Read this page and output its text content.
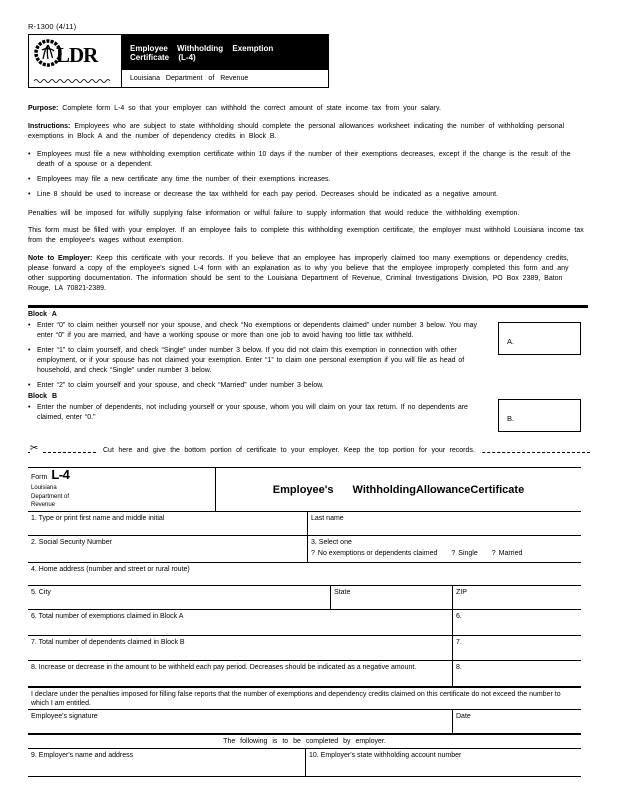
R-1300 (4/11)
LDR	Employee Withholding Exemption Certificate (L-4)
Louisiana Department of Revenue
Purpose: Complete form L-4 so that your employer can withhold the correct amount of state income tax from your salary.
Instructions: Employees who are subject to state withholding should complete the personal allowances worksheet indicating the number of withholding personal exemptions in Block A and the number of dependency credits in Block B.
• Employees must file a new withholding exemption certificate within 10 days if the number of their exemptions decreases, except if the change is the result of the death of a spouse or a dependent.
• Employees may file a new certificate any time the number of their exemptions increases.
• Line 8 should be used to increase or decrease the tax withheld for each pay period. Decreases should be indicated as a negative amount.
Penalties will be imposed for wilfully supplying false information or wilful failure to supply information that would reduce the withholding exemption.
This form must be filled with your employer. If an employee fails to complete this withholding exemption certificate, the employer must withhold Louisiana income tax from the employee's wages without exemption.
Note to Employer: Keep this certificate with your records. If you believe that an employee has improperly claimed too many exemptions or dependency credits, please forward a copy of the employee's signed L-4 form with an explanation as to why you believe that the employee improperly completed this form and any other supporting documentation. The information should be sent to the Louisiana Department of Revenue, Criminal Investigations Division, PO Box 2389, Baton Rouge, LA 70821-2389.
Block A
• Enter “0” to claim neither yourself nor your spouse, and check “No exemptions or dependents claimed” under number 3 below. You may enter “0” if you are married, and have a working spouse or more than one job to avoid having too little tax withheld.
• Enter “1” to claim yourself, and check “Single” under number 3 below. If you did not claim this exemption in connection with other employment, or if your spouse has not claimed your exemption. Enter “1” to claim one personal exemption if you will file as head of household, and check “Single” under number 3 below.
• Enter “2” to claim yourself and your spouse, and check “Married” under number 3 below.
Block B
• Enter the number of dependents, not including yourself or your spouse, whom you will claim on your tax return. If no dependents are claimed, enter “0.”
A.
B.
✂	Cut here and give the bottom portion of certificate to your employer. Keep the top portion for your records.
Form L-4
Louisiana
Department of
Revenue
Employee's WithholdingAllowanceCertificate
1. Type or print first name and middle initial	Last name
2. Social Security Number	3. Select one
? No exemptions or dependents claimed ? Single ? Married
4. Home address (number and street or rural route)
5. City	State	ZIP
6. Total number of exemptions claimed in Block A	6.
7. Total number of dependents claimed in Block B	7.
8. Increase or decrease in the amount to be withheld each pay period. Decreases should be indicated as a negative amount.	8.
I declare under the penalties imposed for filling false reports that the number of exemptions and dependency credits claimed on this certificate do not exceed the number to which I am entitled.
Employee's signature	Date
The following is to be completed by employer.
9. Employer's name and address	10. Employer's state withholding account number
